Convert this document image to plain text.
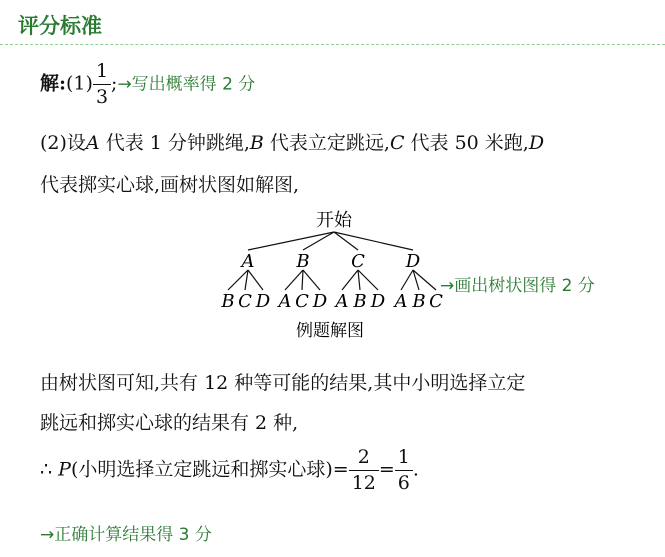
评分标准
解:(1) $\frac{1}{3}$ ;→写出概率得 2 分
(2)设A 代表 1 分钟跳绳,B 代表立定跳远,C 代表 50 米跑,D
代表掷实心球,画树状图如解图,
开始
A B C D
B C D A C D A B D A B C
例题解图
→画出树状图得 2 分
由树状图可知,共有 12 种等可能的结果,其中小明选择立定
跳远和掷实心球的结果有 2 种,
∴ P(小明选择立定跳远和掷实心球)= $\frac{2}{12} = \frac{1}{6}$ .
→正确计算结果得 3 分
